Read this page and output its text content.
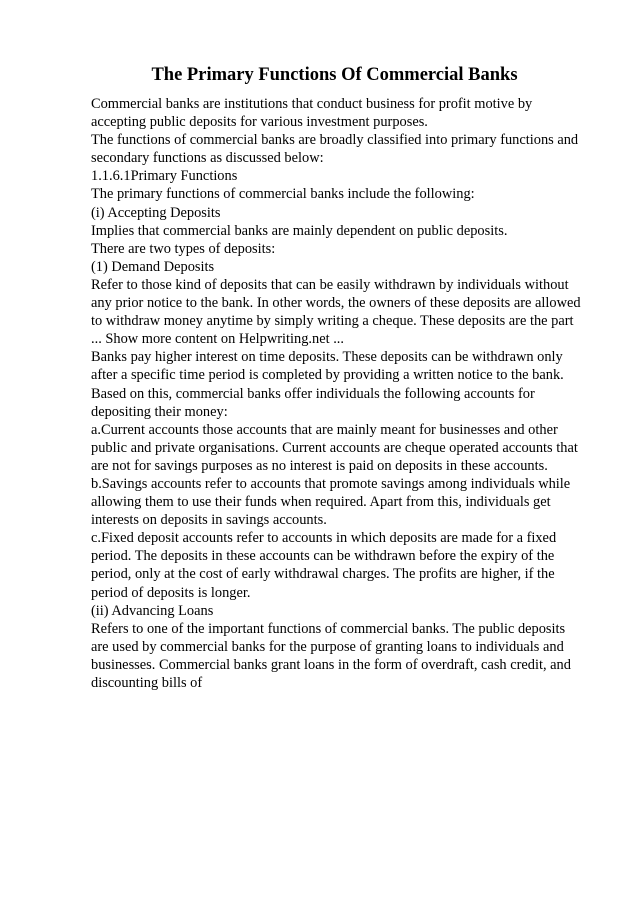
The Primary Functions Of Commercial Banks
Commercial banks are institutions that conduct business for profit motive by
accepting public deposits for various investment purposes.
The functions of commercial banks are broadly classified into primary functions and
secondary functions as discussed below:
1.1.6.1Primary Functions
The primary functions of commercial banks include the following:
(i) Accepting Deposits
Implies that commercial banks are mainly dependent on public deposits.
There are two types of deposits:
(1) Demand Deposits
Refer to those kind of deposits that can be easily withdrawn by individuals without
any prior notice to the bank. In other words, the owners of these deposits are allowed
to withdraw money anytime by simply writing a cheque. These deposits are the part
... Show more content on Helpwriting.net ...
Banks pay higher interest on time deposits. These deposits can be withdrawn only
after a specific time period is completed by providing a written notice to the bank.
Based on this, commercial banks offer individuals the following accounts for
depositing their money:
a.Current accounts those accounts that are mainly meant for businesses and other
public and private organisations. Current accounts are cheque operated accounts that
are not for savings purposes as no interest is paid on deposits in these accounts.
b.Savings accounts refer to accounts that promote savings among individuals while
allowing them to use their funds when required. Apart from this, individuals get
interests on deposits in savings accounts.
c.Fixed deposit accounts refer to accounts in which deposits are made for a fixed
period. The deposits in these accounts can be withdrawn before the expiry of the
period, only at the cost of early withdrawal charges. The profits are higher, if the
period of deposits is longer.
(ii) Advancing Loans
Refers to one of the important functions of commercial banks. The public deposits
are used by commercial banks for the purpose of granting loans to individuals and
businesses. Commercial banks grant loans in the form of overdraft, cash credit, and
discounting bills of
